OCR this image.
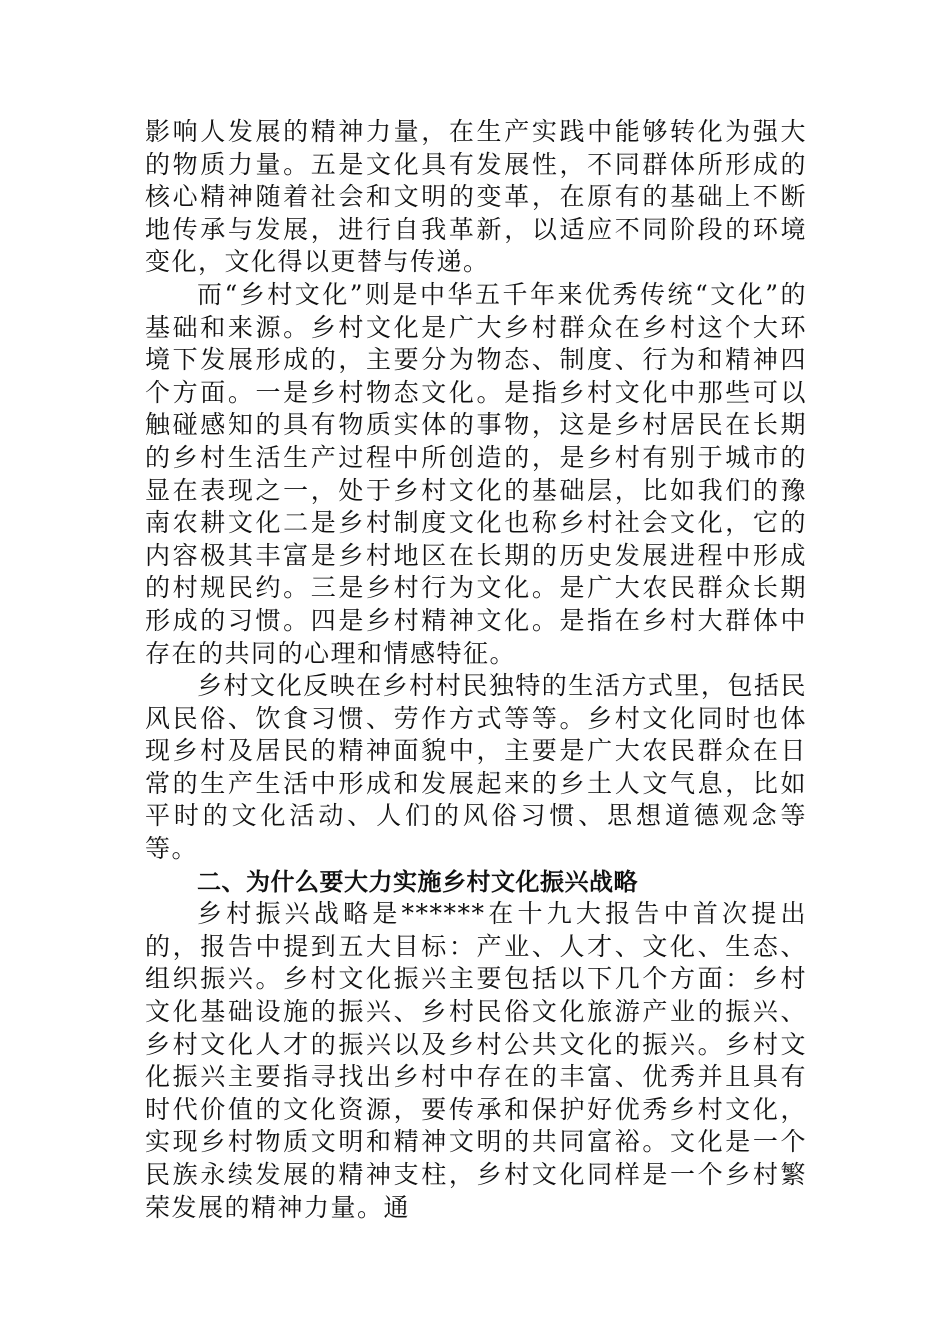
影响人发展的精神力量，在生产实践中能够转化为强大的物质力量。五是文化具有发展性，不同群体所形成的核心精神随着社会和文明的变革，在原有的基础上不断地传承与发展，进行自我革新，以适应不同阶段的环境变化，文化得以更替与传递。

而“乡村文化”则是中华五千年来优秀传统“文化”的基础和来源。乡村文化是广大乡村群众在乡村这个大环境下发展形成的，主要分为物态、制度、行为和精神四个方面。一是乡村物态文化。是指乡村文化中那些可以触碰感知的具有物质实体的事物，这是乡村居民在长期的乡村生活生产过程中所创造的，是乡村有别于城市的显在表现之一，处于乡村文化的基础层，比如我们的豫南农耕文化二是乡村制度文化也称乡村社会文化，它的内容极其丰富是乡村地区在长期的历史发展进程中形成的村规民约。三是乡村行为文化。是广大农民群众长期形成的习惯。四是乡村精神文化。是指在乡村大群体中存在的共同的心理和情感特征。

乡村文化反映在乡村村民独特的生活方式里，包括民风民俗、饮食习惯、劳作方式等等。乡村文化同时也体现乡村及居民的精神面貌中，主要是广大农民群众在日常的生产生活中形成和发展起来的乡土人文气息，比如平时的文化活动、人们的风俗习惯、思想道德观念等等。

二、为什么要大力实施乡村文化振兴战略

乡村振兴战略是******在十九大报告中首次提出的，报告中提到五大目标：产业、人才、文化、生态、组织振兴。乡村文化振兴主要包括以下几个方面：乡村文化基础设施的振兴、乡村民俗文化旅游产业的振兴、乡村文化人才的振兴以及乡村公共文化的振兴。乡村文化振兴主要指寻找出乡村中存在的丰富、优秀并且具有时代价值的文化资源，要传承和保护好优秀乡村文化，实现乡村物质文明和精神文明的共同富裕。文化是一个民族永续发展的精神支柱，乡村文化同样是一个乡村繁荣发展的精神力量。通
